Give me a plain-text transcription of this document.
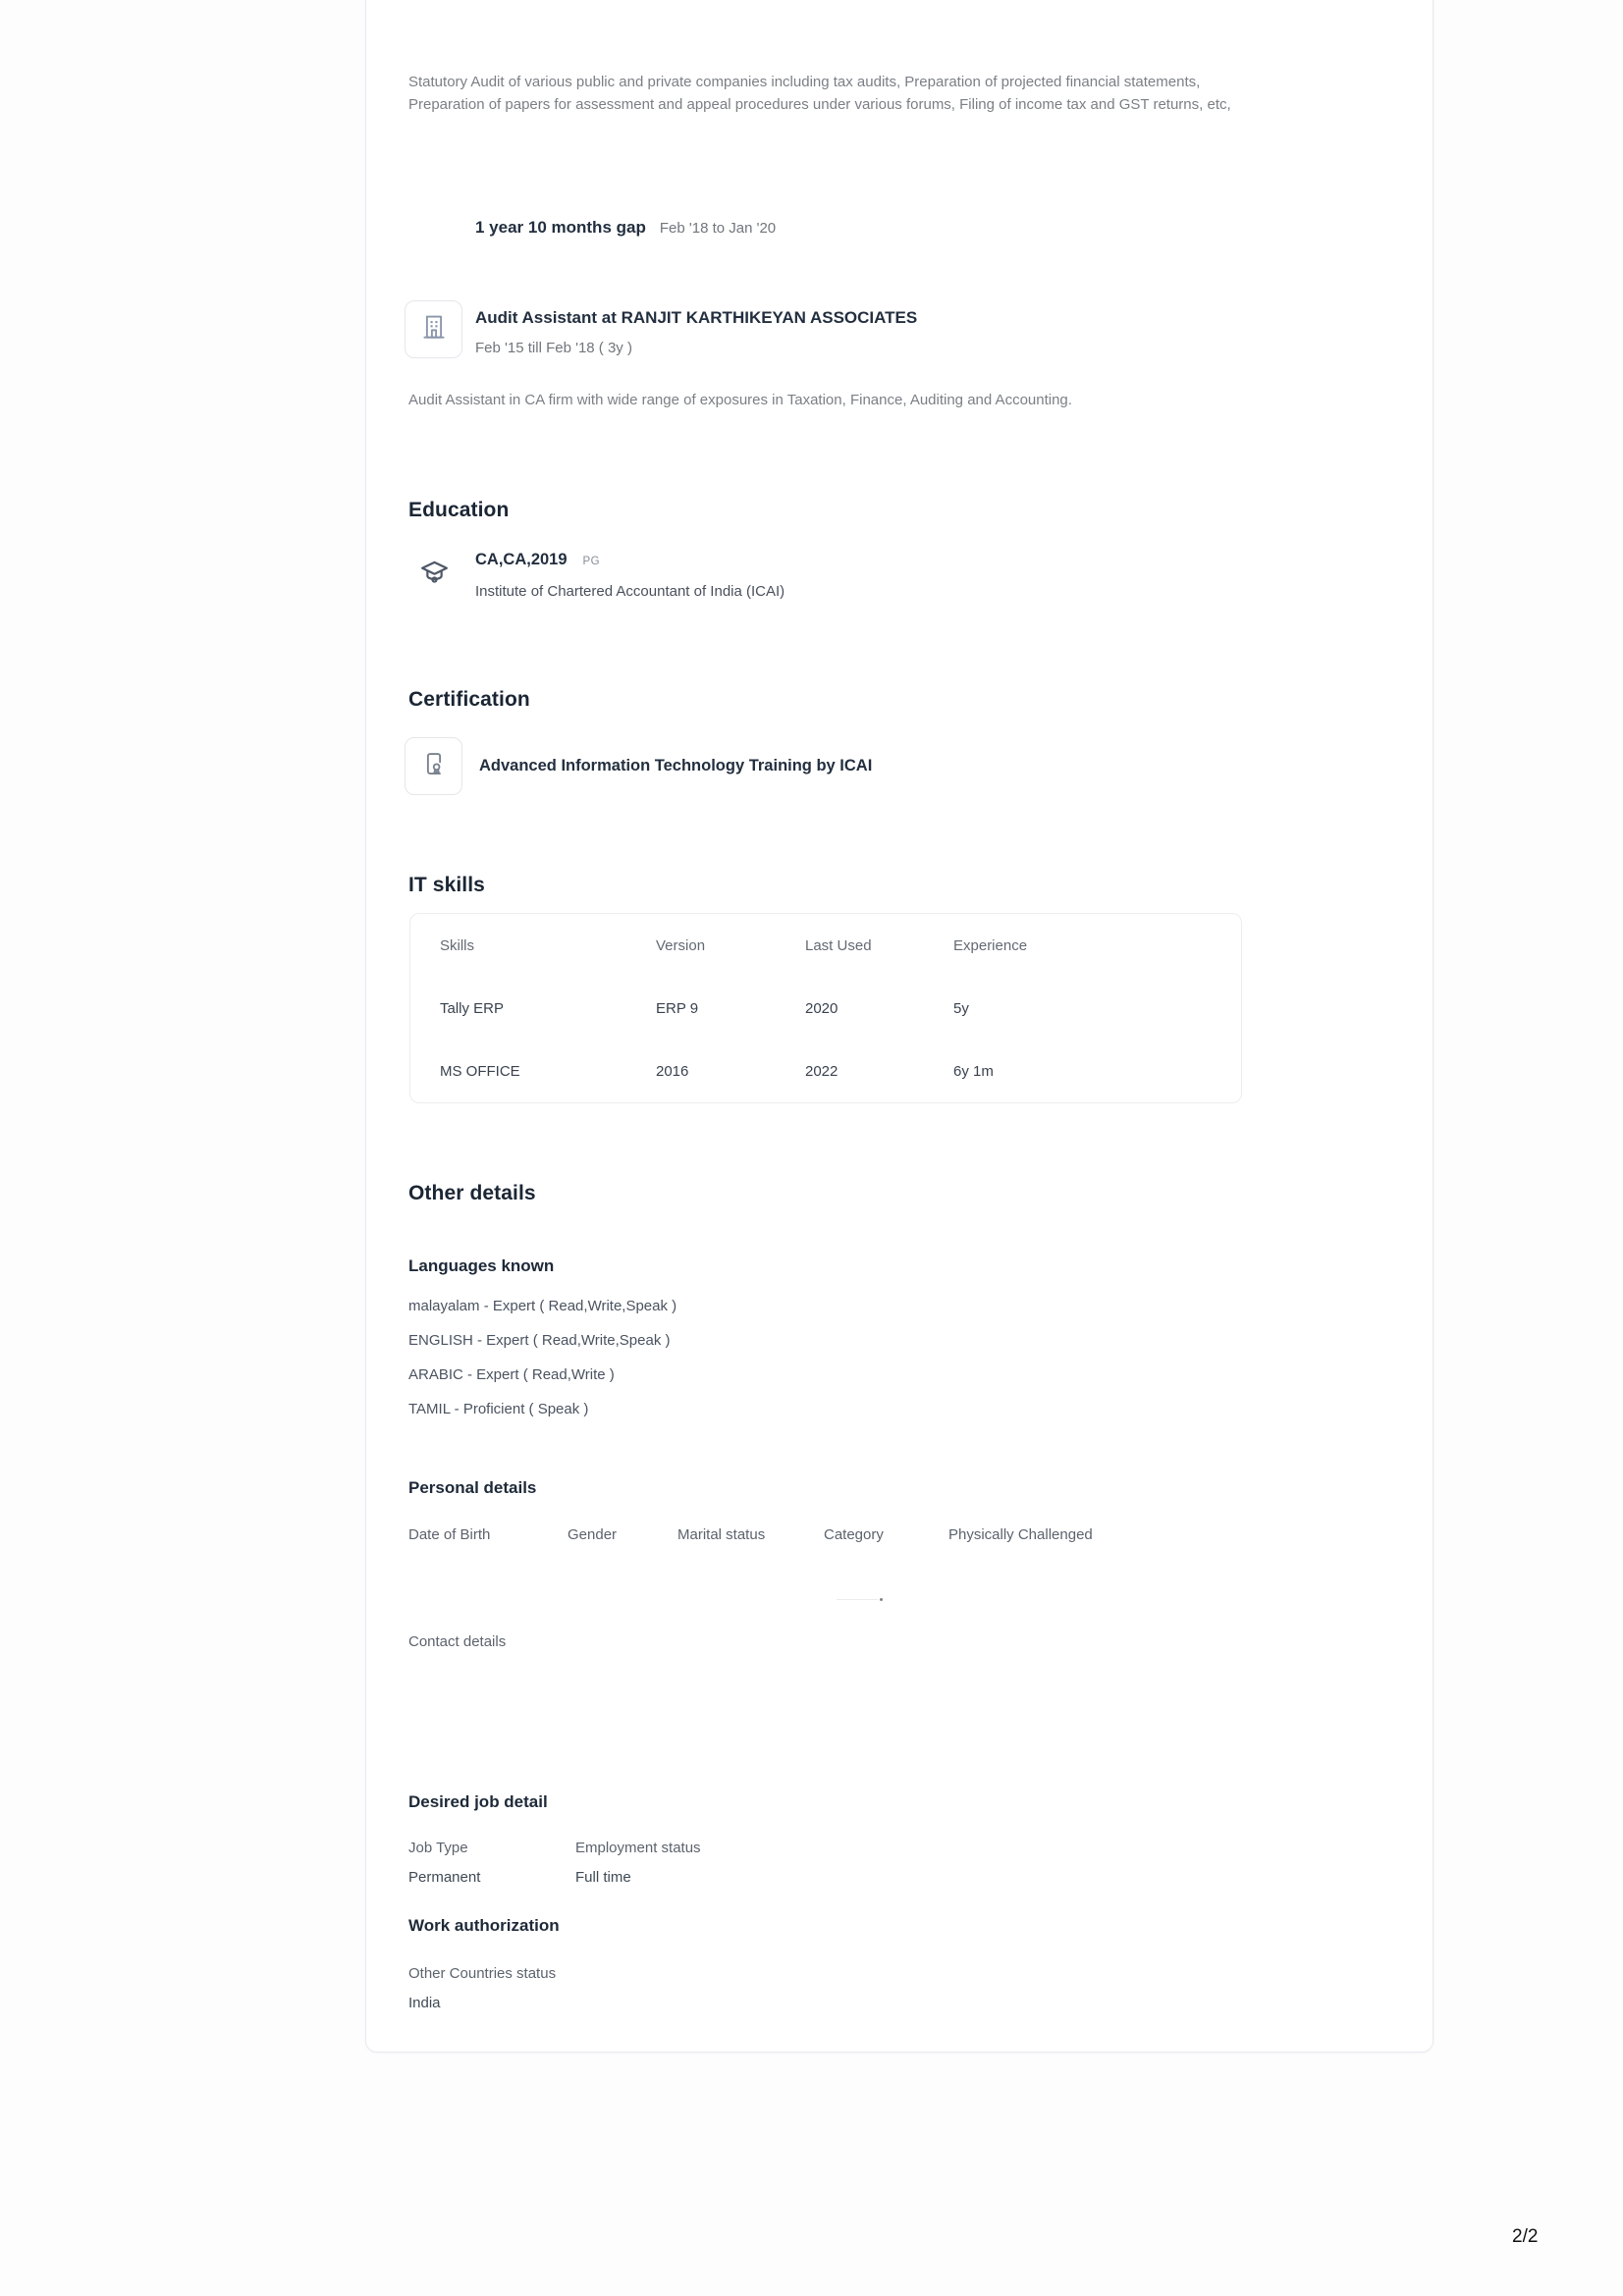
Statutory Audit of various public and private companies including tax audits, Preparation of projected financial statements, Preparation of papers for assessment and appeal procedures under various forums, Filing of income tax and GST returns, etc,
1 year 10 months gap Feb '18 to Jan '20
Audit Assistant at RANJIT KARTHIKEYAN ASSOCIATES
Feb '15 till Feb '18 ( 3y )
Audit Assistant in CA firm with wide range of exposures in Taxation, Finance, Auditing and Accounting.
Education
CA,CA,2019 PG
Institute of Chartered Accountant of India (ICAI)
Certification
Advanced Information Technology Training by ICAI
IT skills
Skills	Version	Last Used	Experience
Tally ERP	ERP 9	2020	5y
MS OFFICE	2016	2022	6y 1m
Other details
Languages known
malayalam - Expert ( Read,Write,Speak )
ENGLISH - Expert ( Read,Write,Speak )
ARABIC - Expert ( Read,Write )
TAMIL - Proficient ( Speak )
Personal details
Date of Birth	Gender	Marital status	Category	Physically Challenged
Contact details
Desired job detail
Job Type	Employment status
Permanent	Full time
Work authorization
Other Countries status
India
2/2
